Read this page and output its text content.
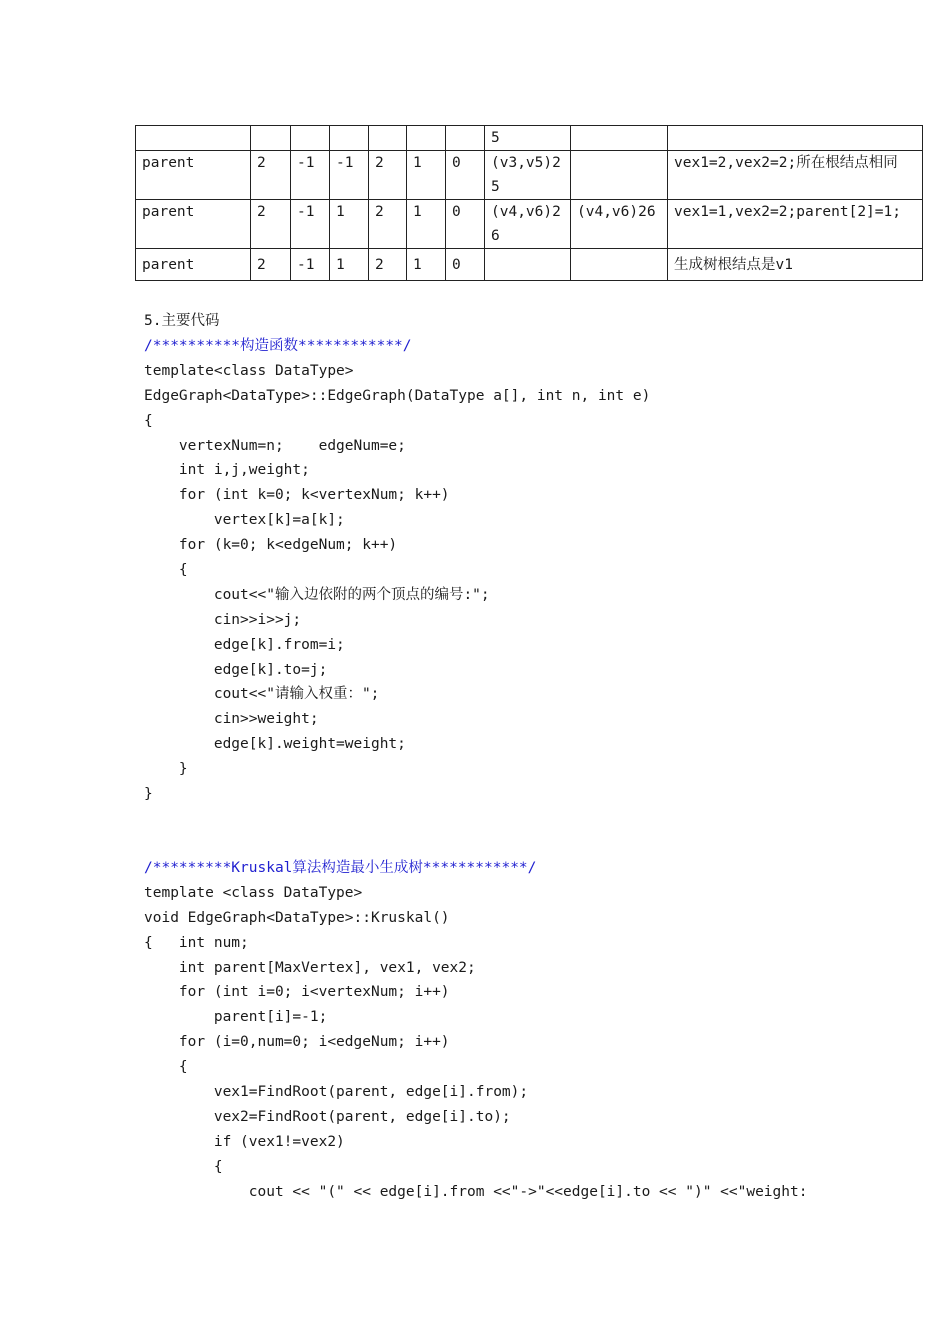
							5		
parent	2	-1	-1	2	1	0	(v3,v5)25		vex1=2,vex2=2;所在根结点相同
parent	2	-1	1	2	1	0	(v4,v6)26	(v4,v6)26	vex1=1,vex2=2;parent[2]=1;
parent	2	-1	1	2	1	0			生成树根结点是v1
5.主要代码
/**********构造函数************/
template<class DataType>
EdgeGraph<DataType>::EdgeGraph(DataType a[], int n, int e)
{
vertexNum=n;    edgeNum=e;
int i,j,weight;
for (int k=0; k<vertexNum; k++)
vertex[k]=a[k];
for (k=0; k<edgeNum; k++)
{
cout<<"输入边依附的两个顶点的编号:";
cin>>i>>j;
edge[k].from=i;
edge[k].to=j;
cout<<"请输入权重：";
cin>>weight;
edge[k].weight=weight;
}
}
/*********Kruskal算法构造最小生成树************/
template <class DataType>
void EdgeGraph<DataType>::Kruskal()
{   int num;
int parent[MaxVertex], vex1, vex2;
for (int i=0; i<vertexNum; i++)
parent[i]=-1;
for (i=0,num=0; i<edgeNum; i++)
{
vex1=FindRoot(parent, edge[i].from);
vex2=FindRoot(parent, edge[i].to);
if (vex1!=vex2)
{
cout << "(" << edge[i].from <<"->"<<edge[i].to << ")" <<"weight:
